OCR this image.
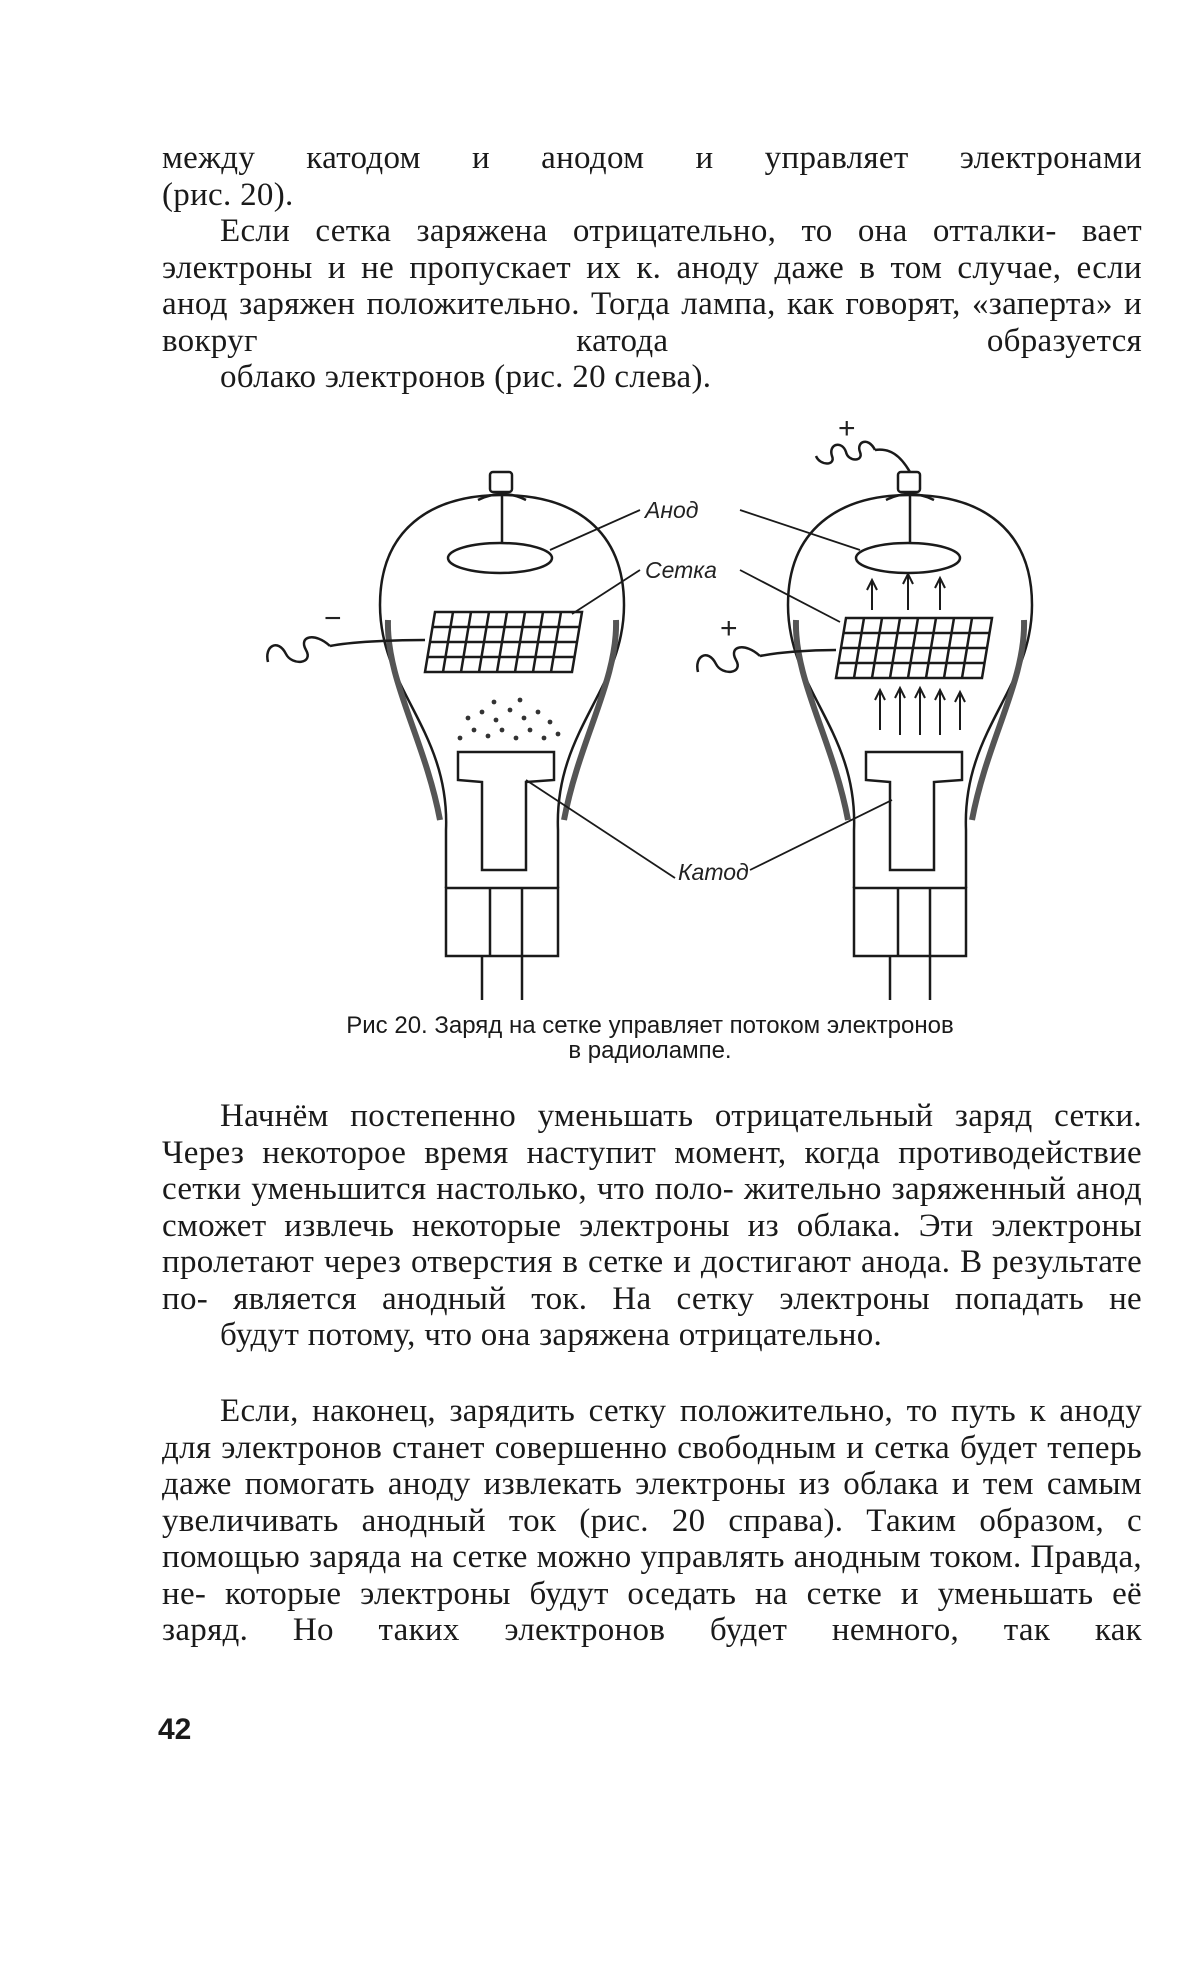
между катодом и анодом и управляет электронами

(рис. 20).

Если сетка заряжена отрицательно, то она отталки- вает электроны и не пропускает их к. аноду даже в том случае, если анод заряжен положительно. Тогда лампа, как говорят, «заперта» и вокруг катода образуется
облако электронов (рис. 20 слева).

Анод
Сетка
Катод
−	+
+
Рис 20. Заряд на сетке управляет потоком электронов
в радиолампе.

Начнём постепенно уменьшать отрицательный заряд сетки. Через некоторое время наступит момент, когда противодействие сетки уменьшится настолько, что поло- жительно заряженный анод сможет извлечь некоторые электроны из облака. Эти электроны пролетают через отверстия в сетке и достигают анода. В результате по- является анодный ток. На сетку электроны попадать не
будут потому, что она заряжена отрицательно.

Если, наконец, зарядить сетку положительно, то путь к аноду для электронов станет совершенно свободным и сетка будет теперь даже помогать аноду извлекать электроны из облака и тем самым увеличивать анодный ток (рис. 20 справа). Таким образом, с помощью заряда на сетке можно управлять анодным током. Правда, не- которые электроны будут оседать на сетке и уменьшать её заряд. Но таких электронов будет немного, так как

42
